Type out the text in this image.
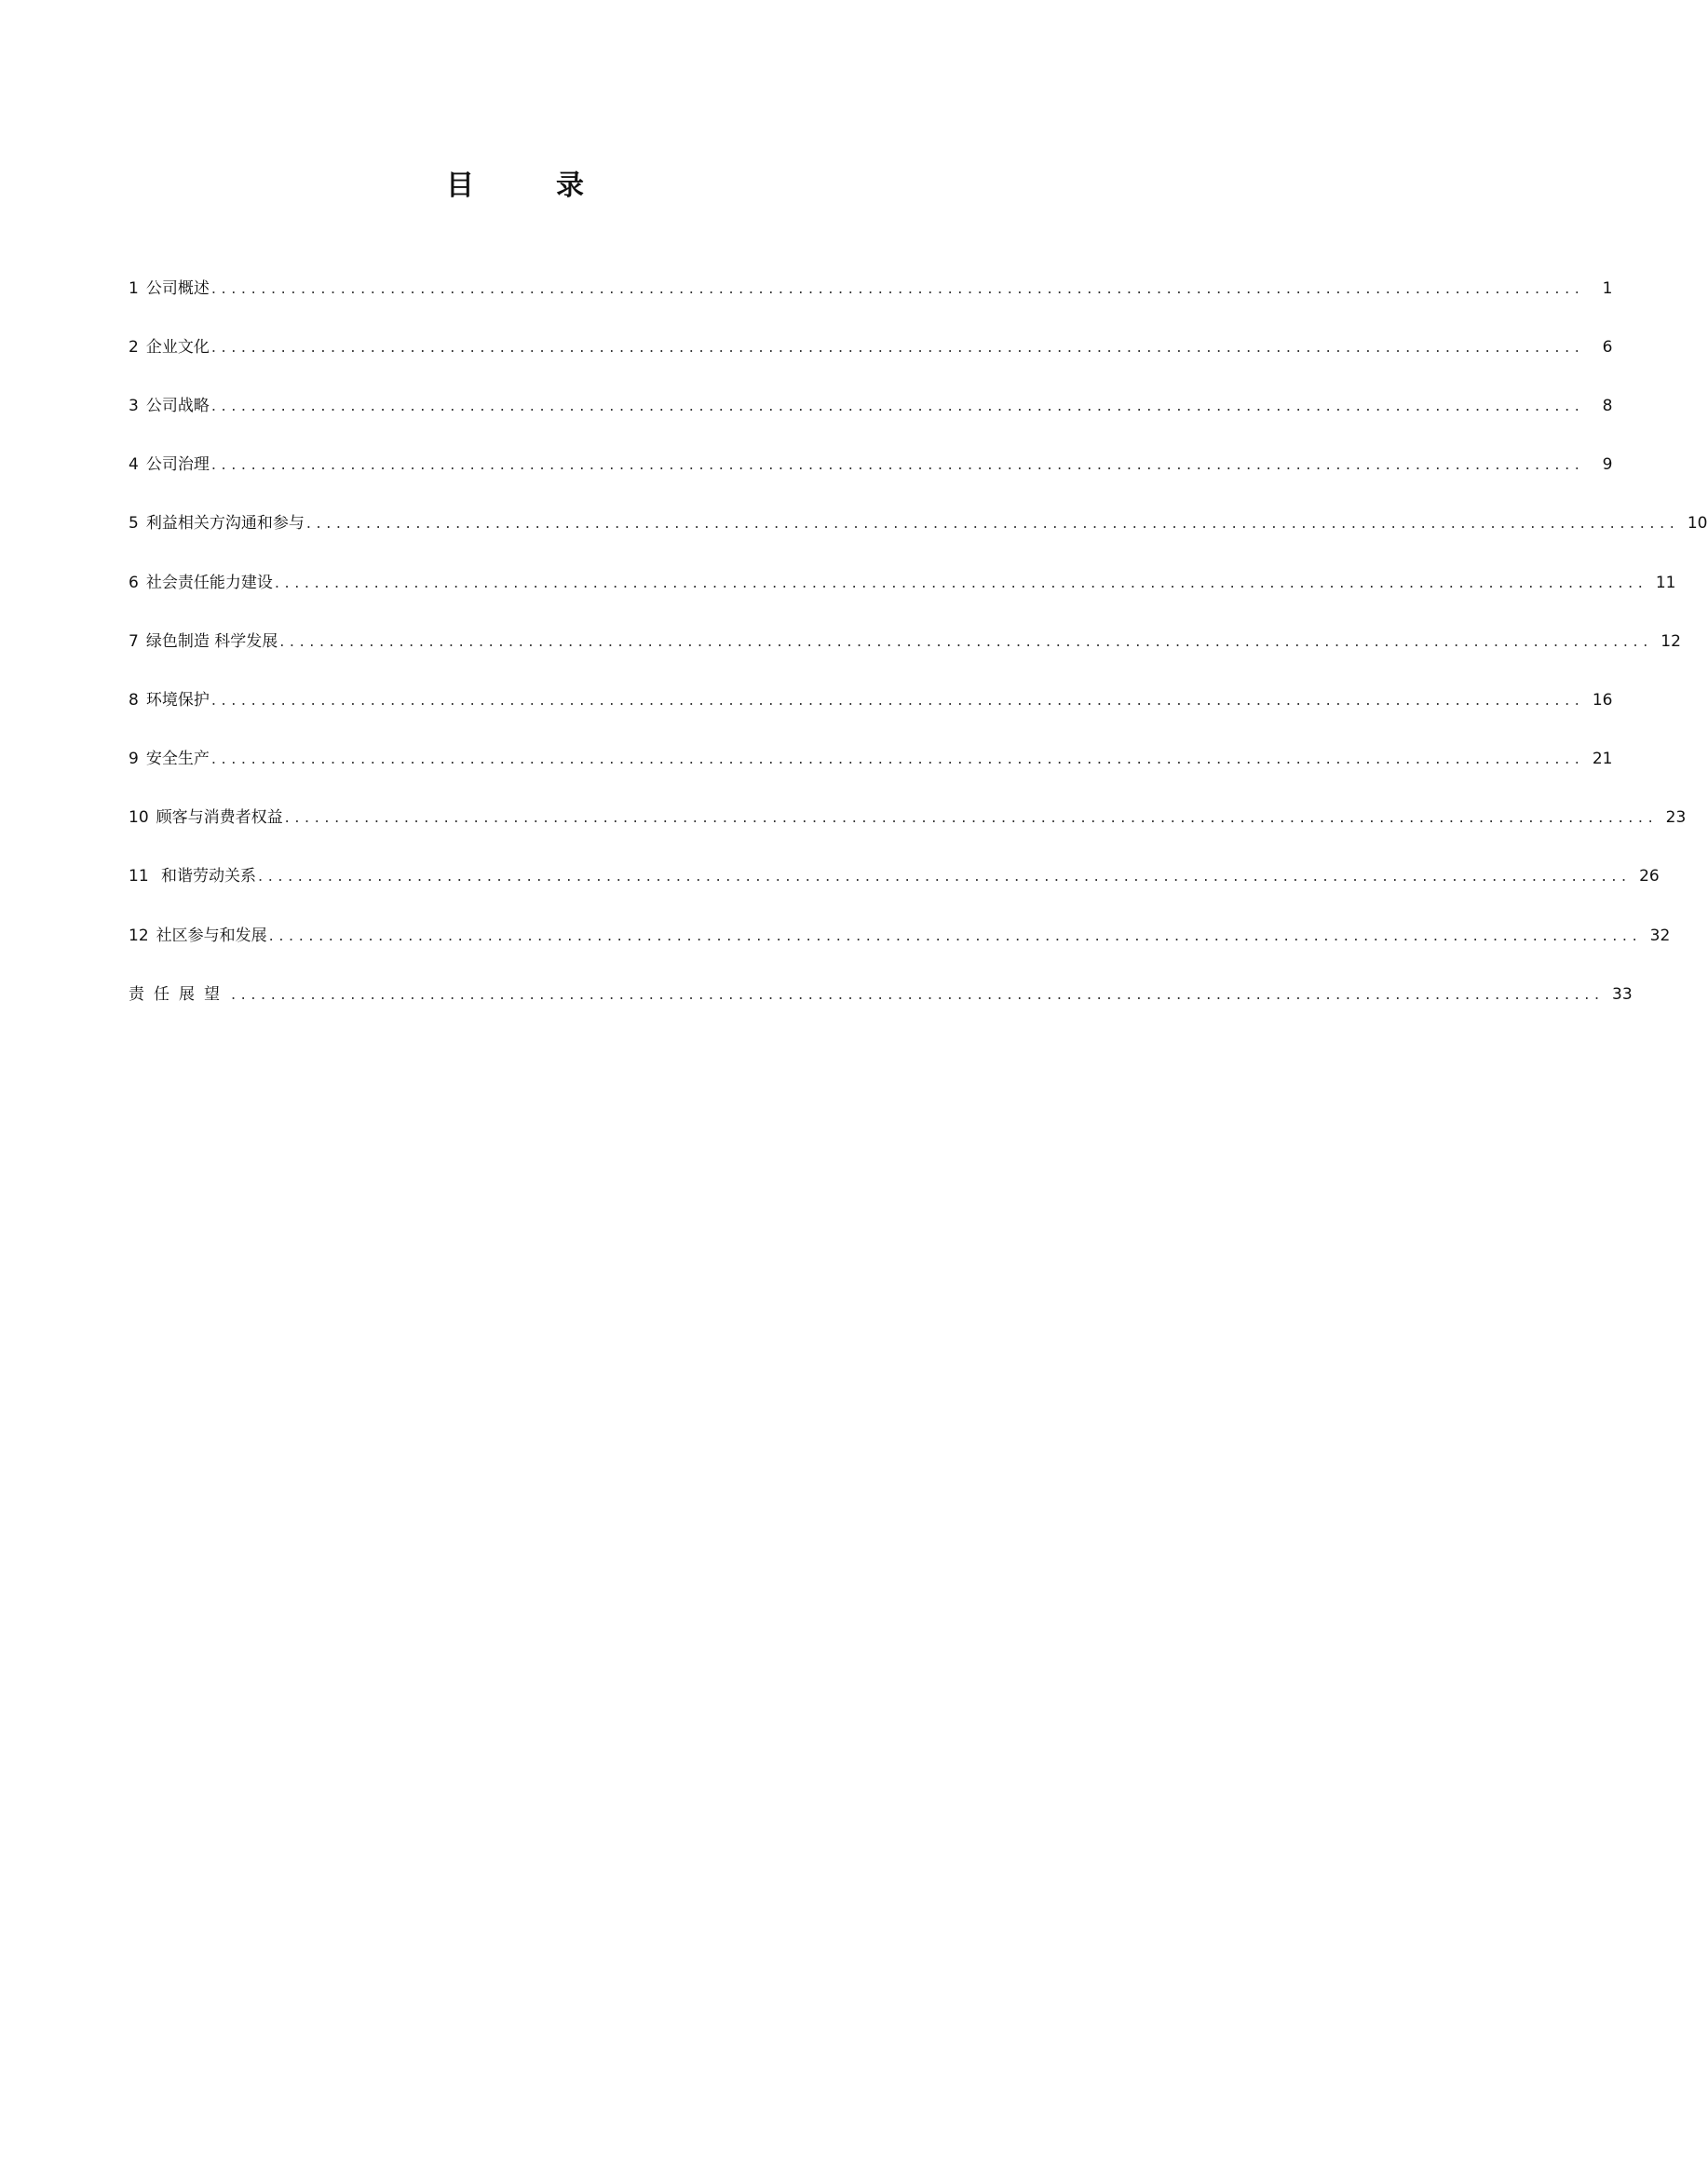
目	录
1 公司概述 ..........................................................................................................................................	1
2 企业文化 ..........................................................................................................................................	6
3 公司战略 ..........................................................................................................................................	8
4 公司治理 ..........................................................................................................................................	9
5 利益相关方沟通和参与 .......................................................................................................................................... 10
6 社会责任能力建设 .......................................................................................................................................... 11
7 绿色制造 科学发展 .......................................................................................................................................... 12
8 环境保护 .......................................................................................................................................... 16
9 安全生产 .......................................................................................................................................... 21
10 顾客与消费者权益 .......................................................................................................................................... 23
11 和谐劳动关系 .......................................................................................................................................... 26
12 社区参与和发展 .......................................................................................................................................... 32
责任展望 .......................................................................................................................................... 33
